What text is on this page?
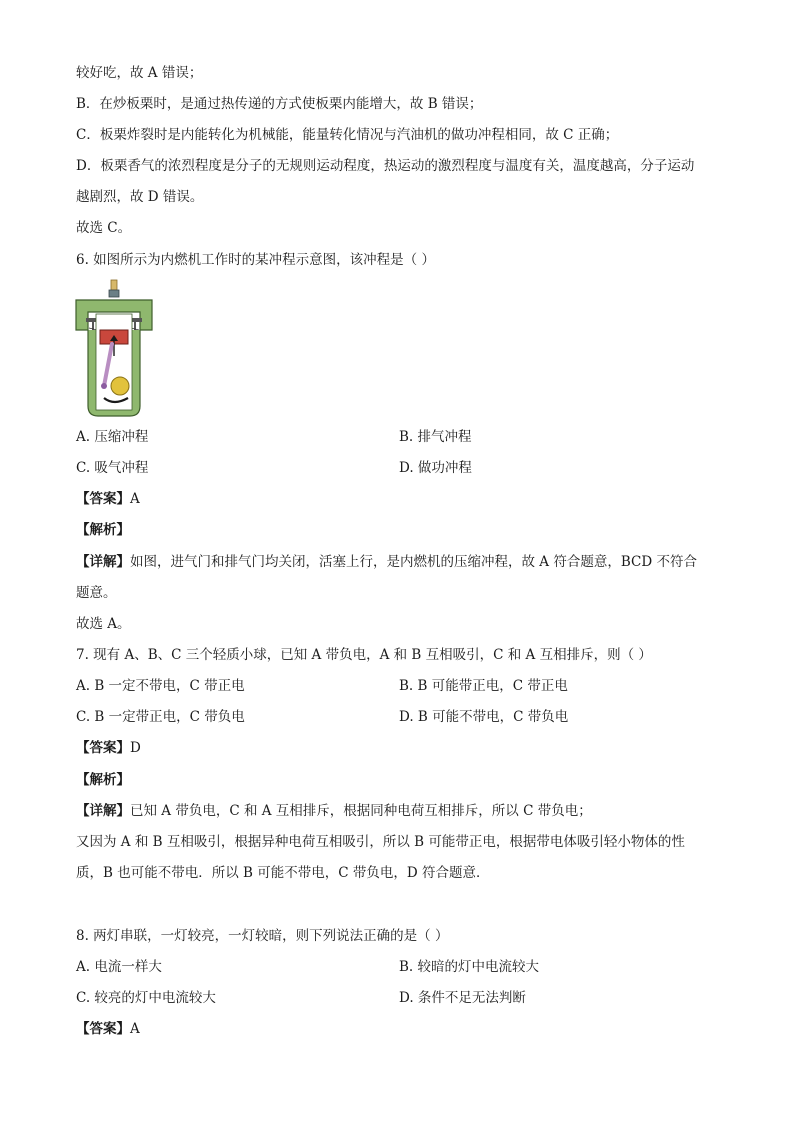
较好吃，故 A 错误；
B．在炒板栗时，是通过热传递的方式使板栗内能增大，故 B 错误；
C．板栗炸裂时是内能转化为机械能，能量转化情况与汽油机的做功冲程相同，故 C 正确；
D．板栗香气的浓烈程度是分子的无规则运动程度，热运动的激烈程度与温度有关，温度越高，分子运动
越剧烈，故 D 错误。
故选 C。
6. 如图所示为内燃机工作时的某冲程示意图，该冲程是（ ）
A. 压缩冲程	B. 排气冲程
C. 吸气冲程	D. 做功冲程
【答案】A
【解析】
【详解】如图，进气门和排气门均关闭，活塞上行，是内燃机的压缩冲程，故 A 符合题意，BCD 不符合
题意。
故选 A。
7. 现有 A、B、C 三个轻质小球，已知 A 带负电，A 和 B 互相吸引，C 和 A 互相排斥，则（ ）
A. B 一定不带电，C 带正电	B. B 可能带正电，C 带正电
C. B 一定带正电，C 带负电	D. B 可能不带电，C 带负电
【答案】D
【解析】
【详解】已知 A 带负电，C 和 A 互相排斥，根据同种电荷互相排斥，所以 C 带负电；
又因为 A 和 B 互相吸引，根据异种电荷互相吸引，所以 B 可能带正电，根据带电体吸引轻小物体的性
质，B 也可能不带电．所以 B 可能不带电，C 带负电，D 符合题意．
8. 两灯串联，一灯较亮，一灯较暗，则下列说法正确的是（ ）
A. 电流一样大	B. 较暗的灯中电流较大
C. 较亮的灯中电流较大	D. 条件不足无法判断
【答案】A
